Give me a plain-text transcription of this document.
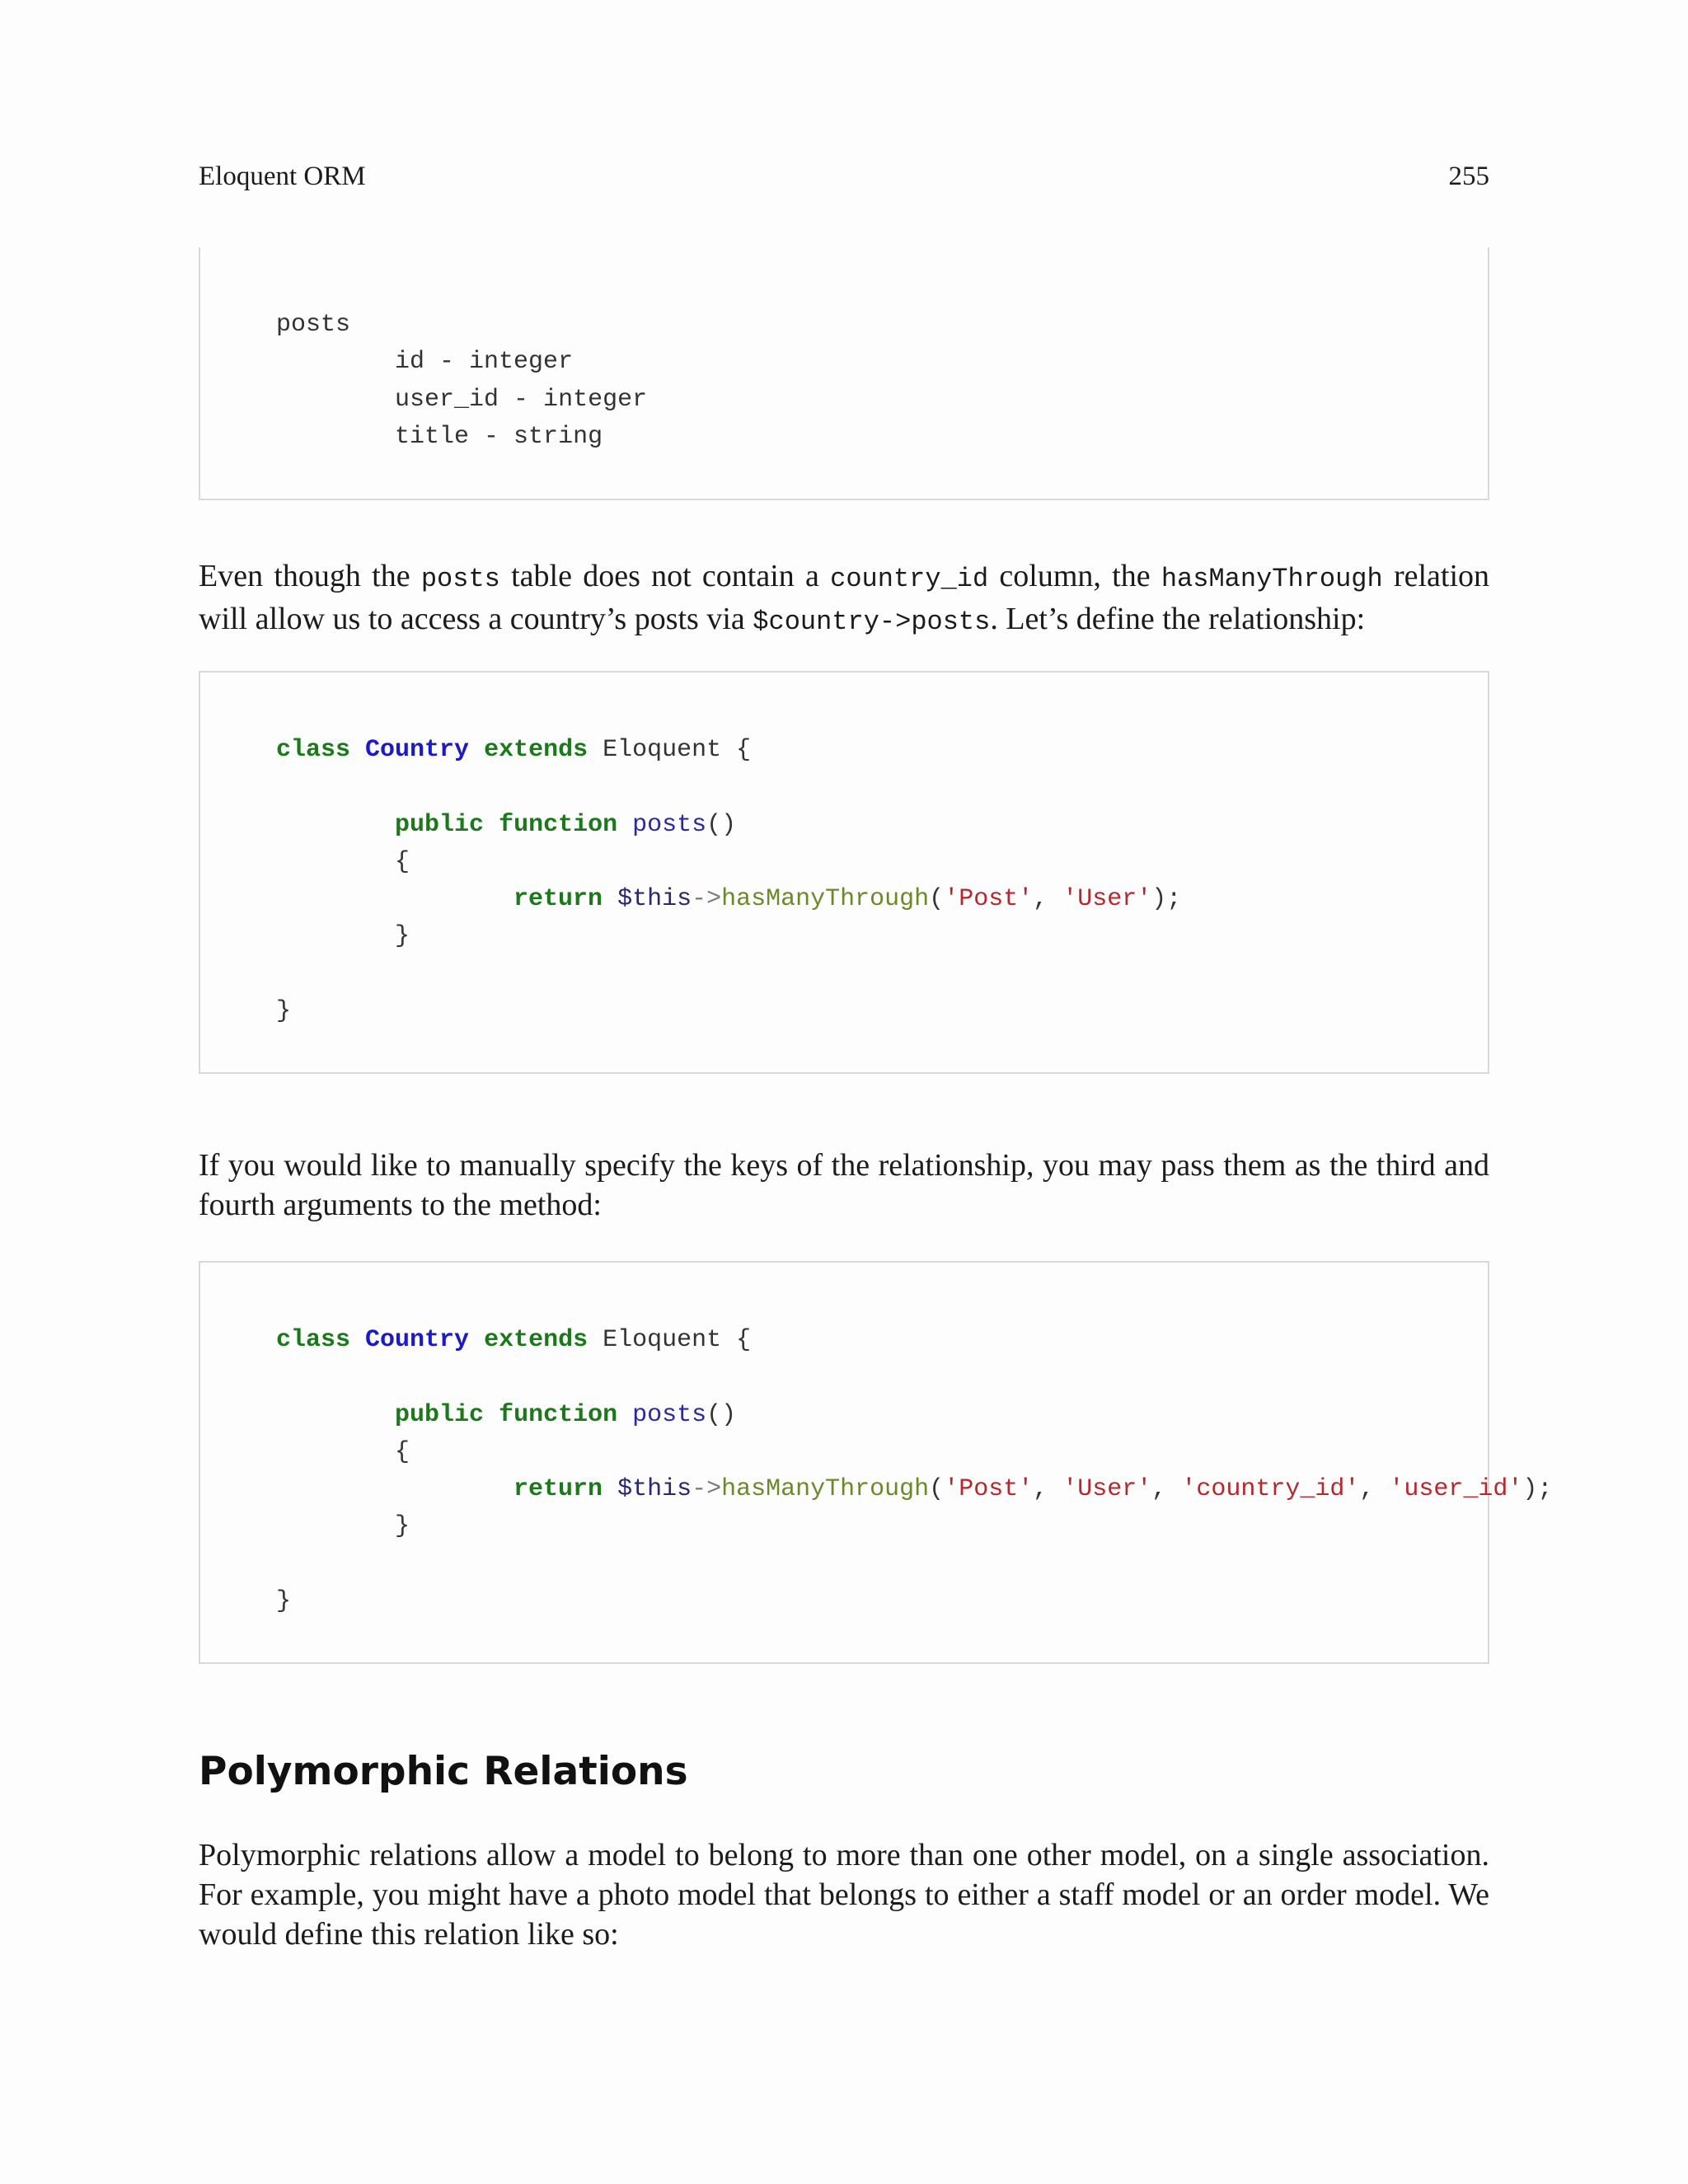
Eloquent ORM	255
posts
id - integer
user_id - integer
title - string

Even though the posts table does not contain a country_id column, the hasManyThrough relation will allow us to access a country’s posts via $country->posts. Let’s define the relationship:

class Country extends Eloquent {

public function posts()
{
return $this->hasManyThrough('Post', 'User');
}

}

If you would like to manually specify the keys of the relationship, you may pass them as the third and fourth arguments to the method:

class Country extends Eloquent {

public function posts()
{
return $this->hasManyThrough('Post', 'User', 'country_id', 'user_id');
}

}
Polymorphic Relations

Polymorphic relations allow a model to belong to more than one other model, on a single association. For example, you might have a photo model that belongs to either a staff model or an order model. We would define this relation like so:
